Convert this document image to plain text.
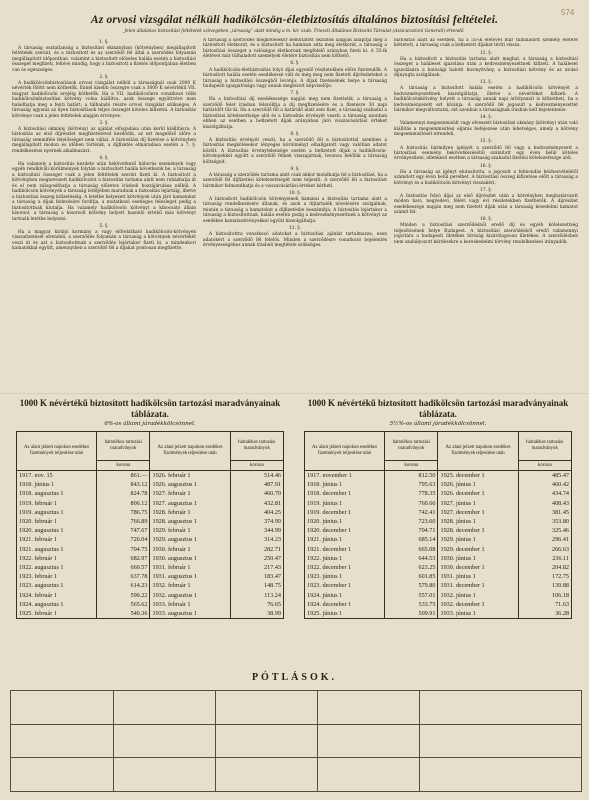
574
Az orvosi vizsgálat nélküli hadikölcsön-életbiztosítás általános biztosítási feltételei.
Jelen általános biztosítási feltételek szövegében „társaság” alatt mindig a m. kir. szab. Trieszti Általános Biztosító Társulat (Assicurazioni Generali) értendő.
1. §.

A társaság osztatlanság a biztosítási okmányban (kötvényben) megállapított feltételek szerint, és a biztosított és az szerződő fél által a szerződés folyamán megállapított időpontban, valamint a biztosított előzetes halála esetén a biztosítási összeget megfizeti, feltéve mindig, hogy a biztosított a fizetés időpontjában életben van és egészséges.

2. §.

A hadikölcsönbiztosítások orvosi vizsgálat nélkül a társaságnál csak 2000 K névérték fölött nem köthetők. Ennél kisebb összegre csak a 3000 K névértékű VII. magyar hadikölcsön erejéig köthetők. Ha a VII. hadikölcsönre vonatkozó több hadikölcsönbiztosítási kötvény volna kiállítva, azok összege együttvéve nem haladhatja meg a fenti határt; a túlhaladó részre orvosi vizsgálat szükséges. A társaság ugyanis az ilyen biztosítások teljes összegét köteles kifizetni. A biztosítás kötvénye csak a jelen feltételek alapján érvényes.

3. §.

A biztosítási okmány (kötvény) az ajánlat elfogadása után kerül kiállításra. A biztosítás az első díjrészlet megfizetésével kezdődik, az ezt megelőző időre a társaság semmiféle felelősséget nem vállal. A biztosítási díj fizetése a kötvényben megállapított módon és időben történik, a díjfizetés elmaradása esetén a 7. §. rendelkezései nyernek alkalmazást.

4. §.

Ha valamely a biztosítás kezdete után bekövetkező háborús események vagy egyéb rendkívüli körülmények folytán a biztosított halála következik be, a társaság a biztosítási összeget csak a jelen feltételek szerint fizeti ki. A biztosított a kötvényben megnevezett hadikölcsönt a biztosítás tartama alatt nem ruházhatja át és el nem zálogosíthatja a társaság előzetes írásbeli hozzájárulása nélkül. A hadikölcsön kötvények a társaság letétjében maradnak a biztosítás lejártáig, illetve a biztosítási összeg kifizetéséig. A letétbe helyezett kötvények után járó kamatokat a társaság a díjak fedezésére fordítja, a mutatkozó esetleges felesleget pedig a biztosítottnak kiutalja. Ha valamely hadikölcsön kötvényt a kibocsátó állam kisorsol, a társaság a kisorsolt kötvény helyett hasonló értékű más kötvényt tartozik letétbe helyezni.

5. §.

Ha a magyar királyi kormány a vagy előrelátható hadikölcsön-kötvények visszafizetését elrendeli, a szerződés folyamán a társaság a kötvények névértékét veszi át és azt a biztosítottnak a szerződés lejártakor fizeti ki, a mindenkori kamatokkal együtt, amennyiben a szerződő fél a díjakat pontosan megfizette.

A társaság a szerződés megkötésekor bemutatott okiratok alapján állapítja meg a biztosított életkorát, és a biztosított ha hamisan adta meg életkorát, a társaság a biztosítási összeget a valóságos életkornak megfelelő arányban fizeti ki. A 55-ik életévet már túlhaladott személyek életére biztosítás nem köthető.

6. §.

A hadikölcsön-életbiztosítás folyó díjai egyenlő részletekben előre fizetendők. A biztosított halála esetén esedékessé vált és még meg nem fizetett díjrészleteket a társaság a biztosítási összegből levonja. A díjak fizetésének helye a társaság budapesti igazgatósága vagy annak megbízott képviselője.

7. §.

Ha a biztosítási díj esedékessége napján meg nem fizettetik, a társaság a szerződő felet írásban felszólítja a díj megfizetésére és a fizetésre 30 napi határidőt tűz ki. Ha a szerződő fél a határidő alatt sem fizet, a társaság szabadul a biztosítási kötelezettsége alól és a biztosítás érvényét veszti; a társaság azonban ebben az esetben a befizetett díjak arányában járó visszavásárlási értéket kiszolgáltatja.

8. §.

A biztosítás érvényét veszti, ha a szerződő fél a biztosítottal szemben a biztosítás megkötésekor lényeges körülményt elhallgatott vagy valótlan adatot közölt. A biztosítás érvénytelensége esetén a befizetett díjak a hadikölcsön-kötvényekkel együtt a szerződő félnek visszajárnak, levonva belőlük a társaság költségeit.

9. §.

A társaság a szerződés tartama alatt csak akkor mondhatja fel a biztosítást, ha a szerződő fél díjfizetési kötelezettségét nem teljesíti. A szerződő fél a biztosítást bármikor felmondhatja és a visszavásárlási értéket kérheti.

10. §.

A biztosított hadikölcsön kötvényeinek kamatai a biztosítás tartama alatt a társaság rendelkezésére állanak, és azok a díjtartalék növelésére szolgálnak, miután a társaság a kamatokat a díjfizetésbe beszámítja. A biztosítás lejártakor a társaság a biztosítottnak, halála esetén pedig a kedvezményezettnek a kötvényt az esedékes kamatszelvényekkel együtt kiszolgáltatja.

11. §.

A biztosítottra vonatkozó adatokat a biztosítási ajánlat tartalmazza; ezen adatokért a szerződő fél felelős. Minden a szerződésre vonatkozó bejelentés érvényességéhez annak írásbeli megtétele szükséges.

biztosítás alatt az esetben, ha a 55-ik életévét már túlhaladott személy életére köttetett, a társaság csak a befizetett díjakat téríti vissza.

12. §.

Ha a biztosított a biztosítás tartama alatt meghal, a társaság a biztosítási összeget a haláleset igazolása után a kedvezményezettnek kifizeti. A haláleset igazolására a hatósági halotti bizonyítvány, a biztosítási kötvény és az utolsó díjnyugta szolgálnak.

13. §.

A társaság a biztosított halála esetén a hadikölcsön kötvényét a kedvezményezettnek kiszolgáltatja, illetve a névértéket kifizeti. A hadikölcsönkötvény helyett a társaság annak napi árfolyamát is kifizetheti, ha a kedvezményezett ezt kívánja. A szerződő fél jogosult a kedvezményezettet bármikor megváltoztatni, ezt azonban a társaságnak írásban kell bejelentenie.

14. §.

Valamennyi megsemmisült vagy elveszett biztosítási okmány (kötvény) után való kiállítás a megsemmisítési eljárás befejezése után lehetséges, amely a kötvény megsemmisítését elrendeli.

15. §.

A biztosítás bármilyen igényét a szerződő fél vagy a kedvezményezett a biztosítási esemény bekövetkezésétől számított egy éven belül köteles érvényesíteni, ellenkező esetben a társaság szabadul fizetési kötelezettsége alól.

16. §.

Ha a társaság az igényt elutasította, a jogosult a felmondás kézhezvételétől számított egy éven belül perelhet. A biztosítási összeg kifizetése előtt a társaság a kötvényt és a hadikölcsön kötvényt visszakéri.

17. §.

A biztosítás folyó díjai az első díjrészlet után a kötvényben meghatározott módon havi, negyedévi, félévi vagy évi részletekben fizethetők. A díjrészlet esedékessége napján meg nem fizetett díjak után a társaság késedelmi kamatot számít fel.

18. §.

Minden a biztosítási szerződésből eredő díj és egyéb kötelezettség teljesítésének helye Budapest. A biztosítási szerződésből eredő valamennyi jogvitára a budapesti illetékes bíróság kizárólagosan illetékes. A szerződésben nem szabályozott kérdésekre a kereskedelmi törvény rendelkezései irányadók.

1000 K névértékű biztosított hadikölcsön tartozási maradványainak táblázata.
6%-os állami járadékkölcsönnel.
Az alant jelzett napokon esedékes fizetmények teljesítése után	hátralékos tartozási maradványok	Az alant jelzett napokon esedékes fizetmények teljesítése után	hátralékos tartozási maradványok
	korona		korona
1917. nov. 15	861.—	1926. február 1	514.46
1918. június 1	843.12	1926. augusztus 1	487.91
1918. augusztus 1	824.78	1927. február 1	460.70
1919. február 1	806.12	1927. augusztus 1	432.81
1919. augusztus 1	786.75	1928. február 1	404.25
1920. február 1	766.89	1928. augusztus 1	374.99
1920. augusztus 1	747.67	1929. február 1	344.99
1921. február 1	726.04	1929. augusztus 1	314.23
1921. augusztus 1	704.75	1930. február 1	282.71
1922. február 1	682.97	1930. augusztus 1	250.47
1922. augusztus 1	660.57	1931. február 1	217.43
1923. február 1	637.78	1931. augusztus 1	183.47
1923. augusztus 1	614.23	1932. február 1	148.75
1924. február 1	590.22	1932. augusztus 1	113.24
1924. augusztus 1	565.62	1933. február 1	76.65
1925. február 1	540.36	1933. augusztus 1	38.99
1000 K névértékű biztosított hadikölcsön tartozási maradványainak táblázata.
5½%-os állami járadékkölcsönnel.
Az alant jelzett napokon esedékes fizetmények teljesítése után	hátralékos tartozási maradványok	Az alant jelzett napokon esedékes fizetmények teljesítése után	hátralékos tartozási maradványok
	korona		korona
1917. november 1	812.50	1925. december 1	485.47
1918. június 1	795.63	1926. június 1	460.42
1918. december 1	778.35	1926. december 1	434.74
1919. június 1	760.60	1927. június 1	408.43
1919. december 1	742.41	1927. december 1	381.45
1920. június 1	723.60	1928. június 1	353.80
1920. december 1	704.71	1928. december 1	325.46
1921. június 1	685.14	1929. június 1	296.41
1921. december 1	665.08	1929. december 1	266.63
1922. június 1	644.53	1930. június 1	236.11
1922. december 1	623.25	1930. december 1	204.82
1923. június 1	601.85	1931. június 1	172.75
1923. december 1	579.80	1931. december 1	139.88
1924. június 1	557.01	1932. június 1	106.18
1924. december 1	533.75	1932. december 1	71.63
1925. június 1	509.91	1933. június 1	36.28
PÓTLÁSOK.
